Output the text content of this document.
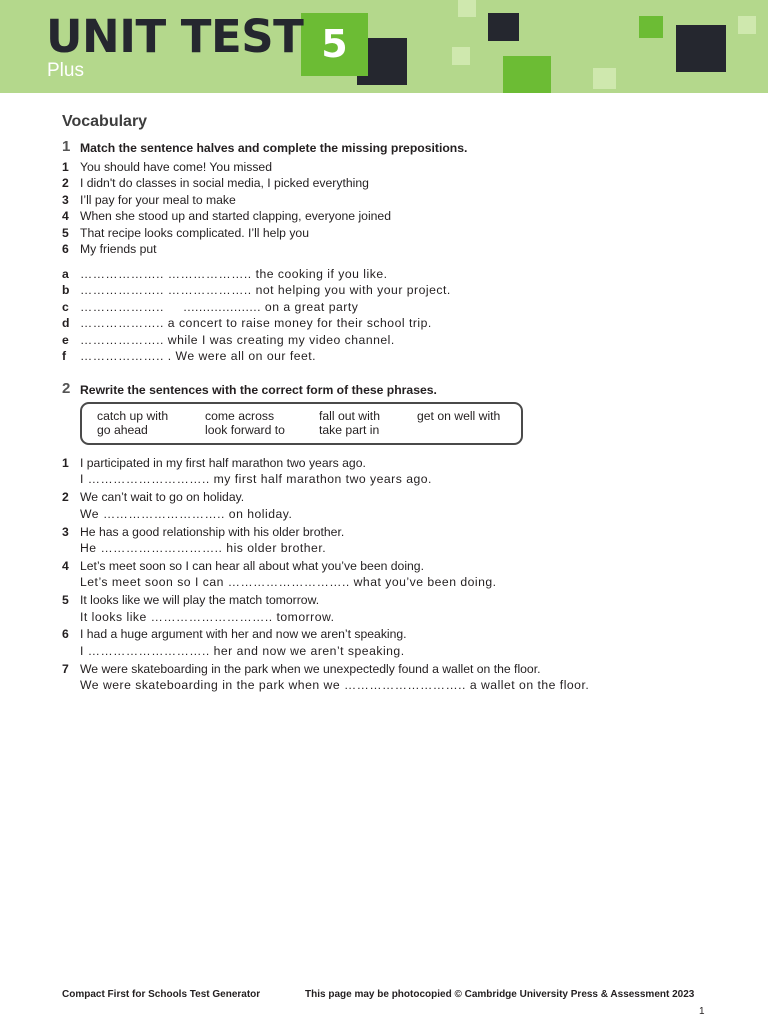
5
UNIT TEST
Plus
Vocabulary
1 Match the sentence halves and complete the missing prepositions.
1 You should have come! You missed
2 I didn't do classes in social media, I picked everything
3 I’ll pay for your meal to make
4 When she stood up and started clapping, everyone joined
5 That recipe looks complicated. I’ll help you
6 My friends put
a ……………….. ……………….. the cooking if you like.
b ……………….. ……………….. not helping you with your project.
c ………………..     .................... on a great party
d ……………….. a concert to raise money for their school trip.
e ……………….. while I was creating my video channel.
f ……………….. . We were all on our feet.
2 Rewrite the sentences with the correct form of these phrases.
catch up with	come across	fall out with	get on well with
go ahead	look forward to	take part in
1 I participated in my first half marathon two years ago.
I ……………………….. my first half marathon two years ago.
2 We can’t wait to go on holiday.
We ……………………….. on holiday.
3 He has a good relationship with his older brother.
He ……………………….. his older brother.
4 Let’s meet soon so I can hear all about what you’ve been doing.
Let’s meet soon so I can ……………………….. what you’ve been doing.
5 It looks like we will play the match tomorrow.
It looks like ……………………….. tomorrow.
6 I had a huge argument with her and now we aren’t speaking.
I ……………………….. her and now we aren’t speaking.
7 We were skateboarding in the park when we unexpectedly found a wallet on the floor.
We were skateboarding in the park when we ……………………….. a wallet on the floor.
Compact First for Schools Test Generator	This page may be photocopied © Cambridge University Press & Assessment 2023
1
